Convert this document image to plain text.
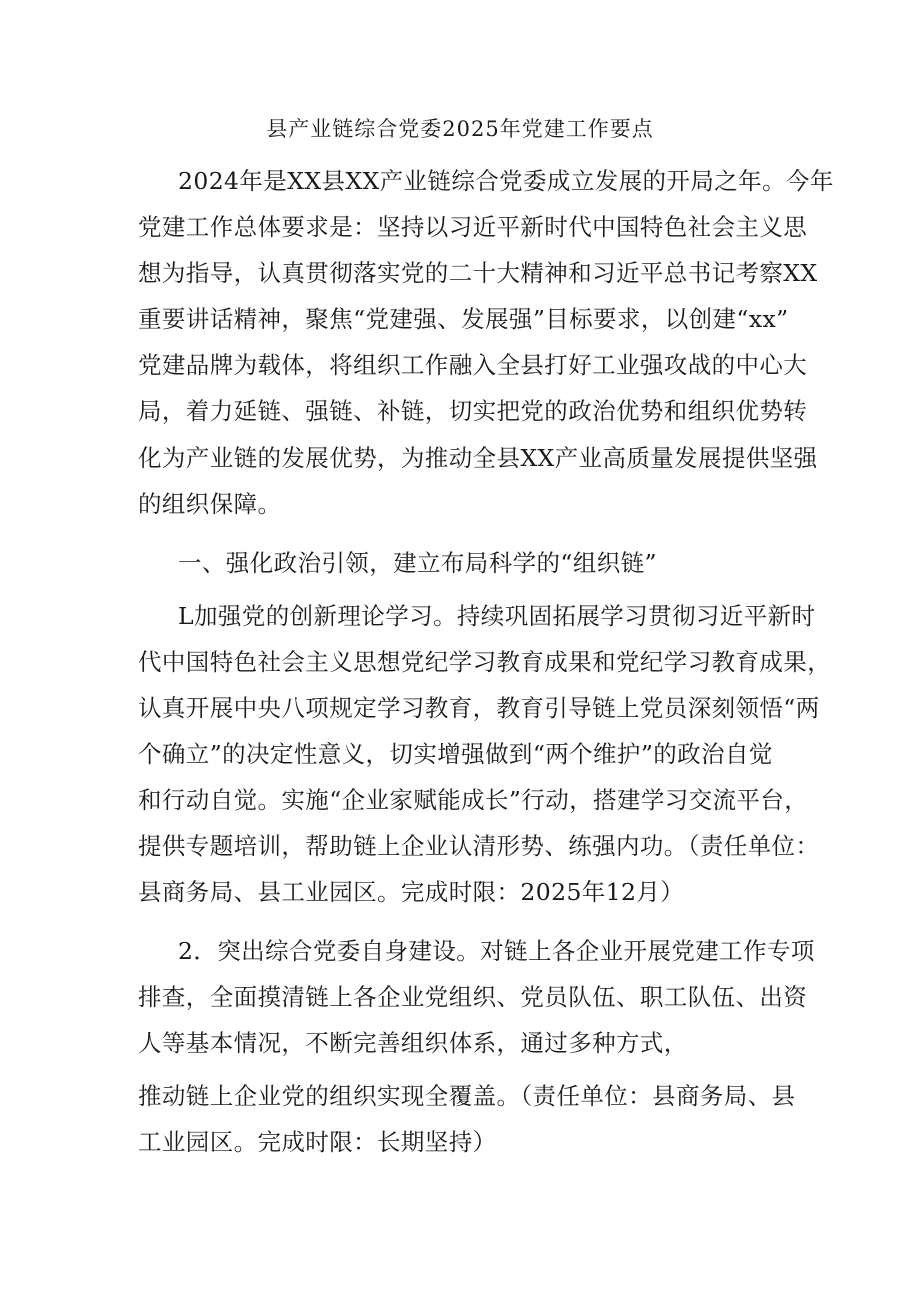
县产业链综合党委2025年党建工作要点
2024年是XX县XX产业链综合党委成立发展的开局之年。今年
党建工作总体要求是：坚持以习近平新时代中国特色社会主义思
想为指导，认真贯彻落实党的二十大精神和习近平总书记考察XX
重要讲话精神，聚焦“党建强、发展强”目标要求，以创建“xx”
党建品牌为载体，将组织工作融入全县打好工业强攻战的中心大
局，着力延链、强链、补链，切实把党的政治优势和组织优势转
化为产业链的发展优势，为推动全县XX产业高质量发展提供坚强
的组织保障。
一、强化政治引领，建立布局科学的“组织链”
L加强党的创新理论学习。持续巩固拓展学习贯彻习近平新时
代中国特色社会主义思想党纪学习教育成果和党纪学习教育成果，
认真开展中央八项规定学习教育，教育引导链上党员深刻领悟“两
个确立”的决定性意义，切实增强做到“两个维护”的政治自觉
和行动自觉。实施“企业家赋能成长”行动，搭建学习交流平台，
提供专题培训，帮助链上企业认清形势、练强内功。（责任单位：
县商务局、县工业园区。完成时限：2025年12月）
2．突出综合党委自身建设。对链上各企业开展党建工作专项
排查，全面摸清链上各企业党组织、党员队伍、职工队伍、出资
人等基本情况，不断完善组织体系，通过多种方式，
推动链上企业党的组织实现全覆盖。（责任单位：县商务局、县
工业园区。完成时限：长期坚持）
